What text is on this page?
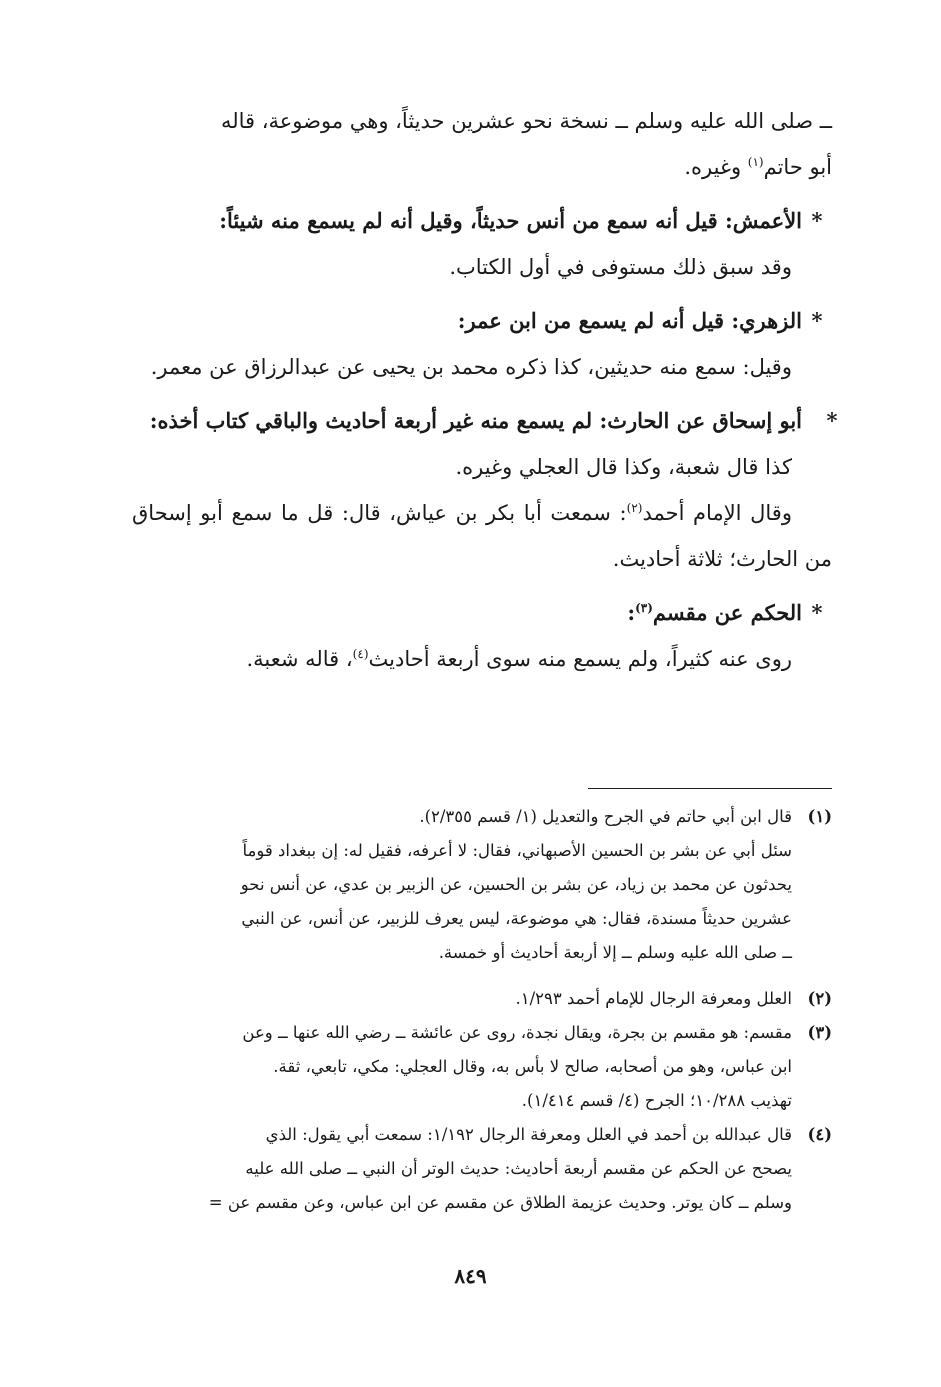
ــ صلى الله عليه وسلم ــ نسخة نحو عشرين حديثاً، وهي موضوعة، قاله
أبو حاتم$^{(١)}$ وغيره.
*الأعمش: قيل أنه سمع من أنس حديثاً، وقيل أنه لم يسمع منه شيئاً:
وقد سبق ذلك مستوفى في أول الكتاب.
*الزهري: قيل أنه لم يسمع من ابن عمر:
وقيل: سمع منه حديثين، كذا ذكره محمد بن يحيى عن عبدالرزاق عن معمر.
*أبو إسحاق عن الحارث: لم يسمع منه غير أربعة أحاديث والباقي كتاب أخذه:
كذا قال شعبة، وكذا قال العجلي وغيره.
وقال الإمام أحمد$^{(٢)}$: سمعت أبا بكر بن عياش، قال: قل ما سمع أبو إسحاق من الحارث؛ ثلاثة أحاديث.
*الحكم عن مقسم$^{(٣)}$:
روى عنه كثيراً، ولم يسمع منه سوى أربعة أحاديث$^{(٤)}$، قاله شعبة.
(١)قال ابن أبي حاتم في الجرح والتعديل (١/ قسم ٢/٣٥٥).
سئل أبي عن بشر بن الحسين الأصبهاني، فقال: لا أعرفه، فقيل له: إن ببغداد قوماً
يحدثون عن محمد بن زياد، عن بشر بن الحسين، عن الزبير بن عدي، عن أنس نحو
عشرين حديثاً مسندة، فقال: هي موضوعة، ليس يعرف للزبير، عن أنس، عن النبي
ــ صلى الله عليه وسلم ــ إلا أربعة أحاديث أو خمسة.
(٢)العلل ومعرفة الرجال للإمام أحمد ١/٢٩٣.
(٣)مقسم: هو مقسم بن بجرة، ويقال نجدة، روى عن عائشة ــ رضي الله عنها ــ وعن
ابن عباس، وهو من أصحابه، صالح لا بأس به، وقال العجلي: مكي، تابعي، ثقة.
تهذيب ١٠/٢٨٨؛ الجرح (٤/ قسم ١/٤١٤).
(٤)قال عبدالله بن أحمد في العلل ومعرفة الرجال ١/١٩٢: سمعت أبي يقول: الذي
يصحح عن الحكم عن مقسم أربعة أحاديث: حديث الوتر أن النبي ــ صلى الله عليه
وسلم ــ كان يوتر. وحديث عزيمة الطلاق عن مقسم عن ابن عباس، وعن مقسم عن =
٨٤٩
